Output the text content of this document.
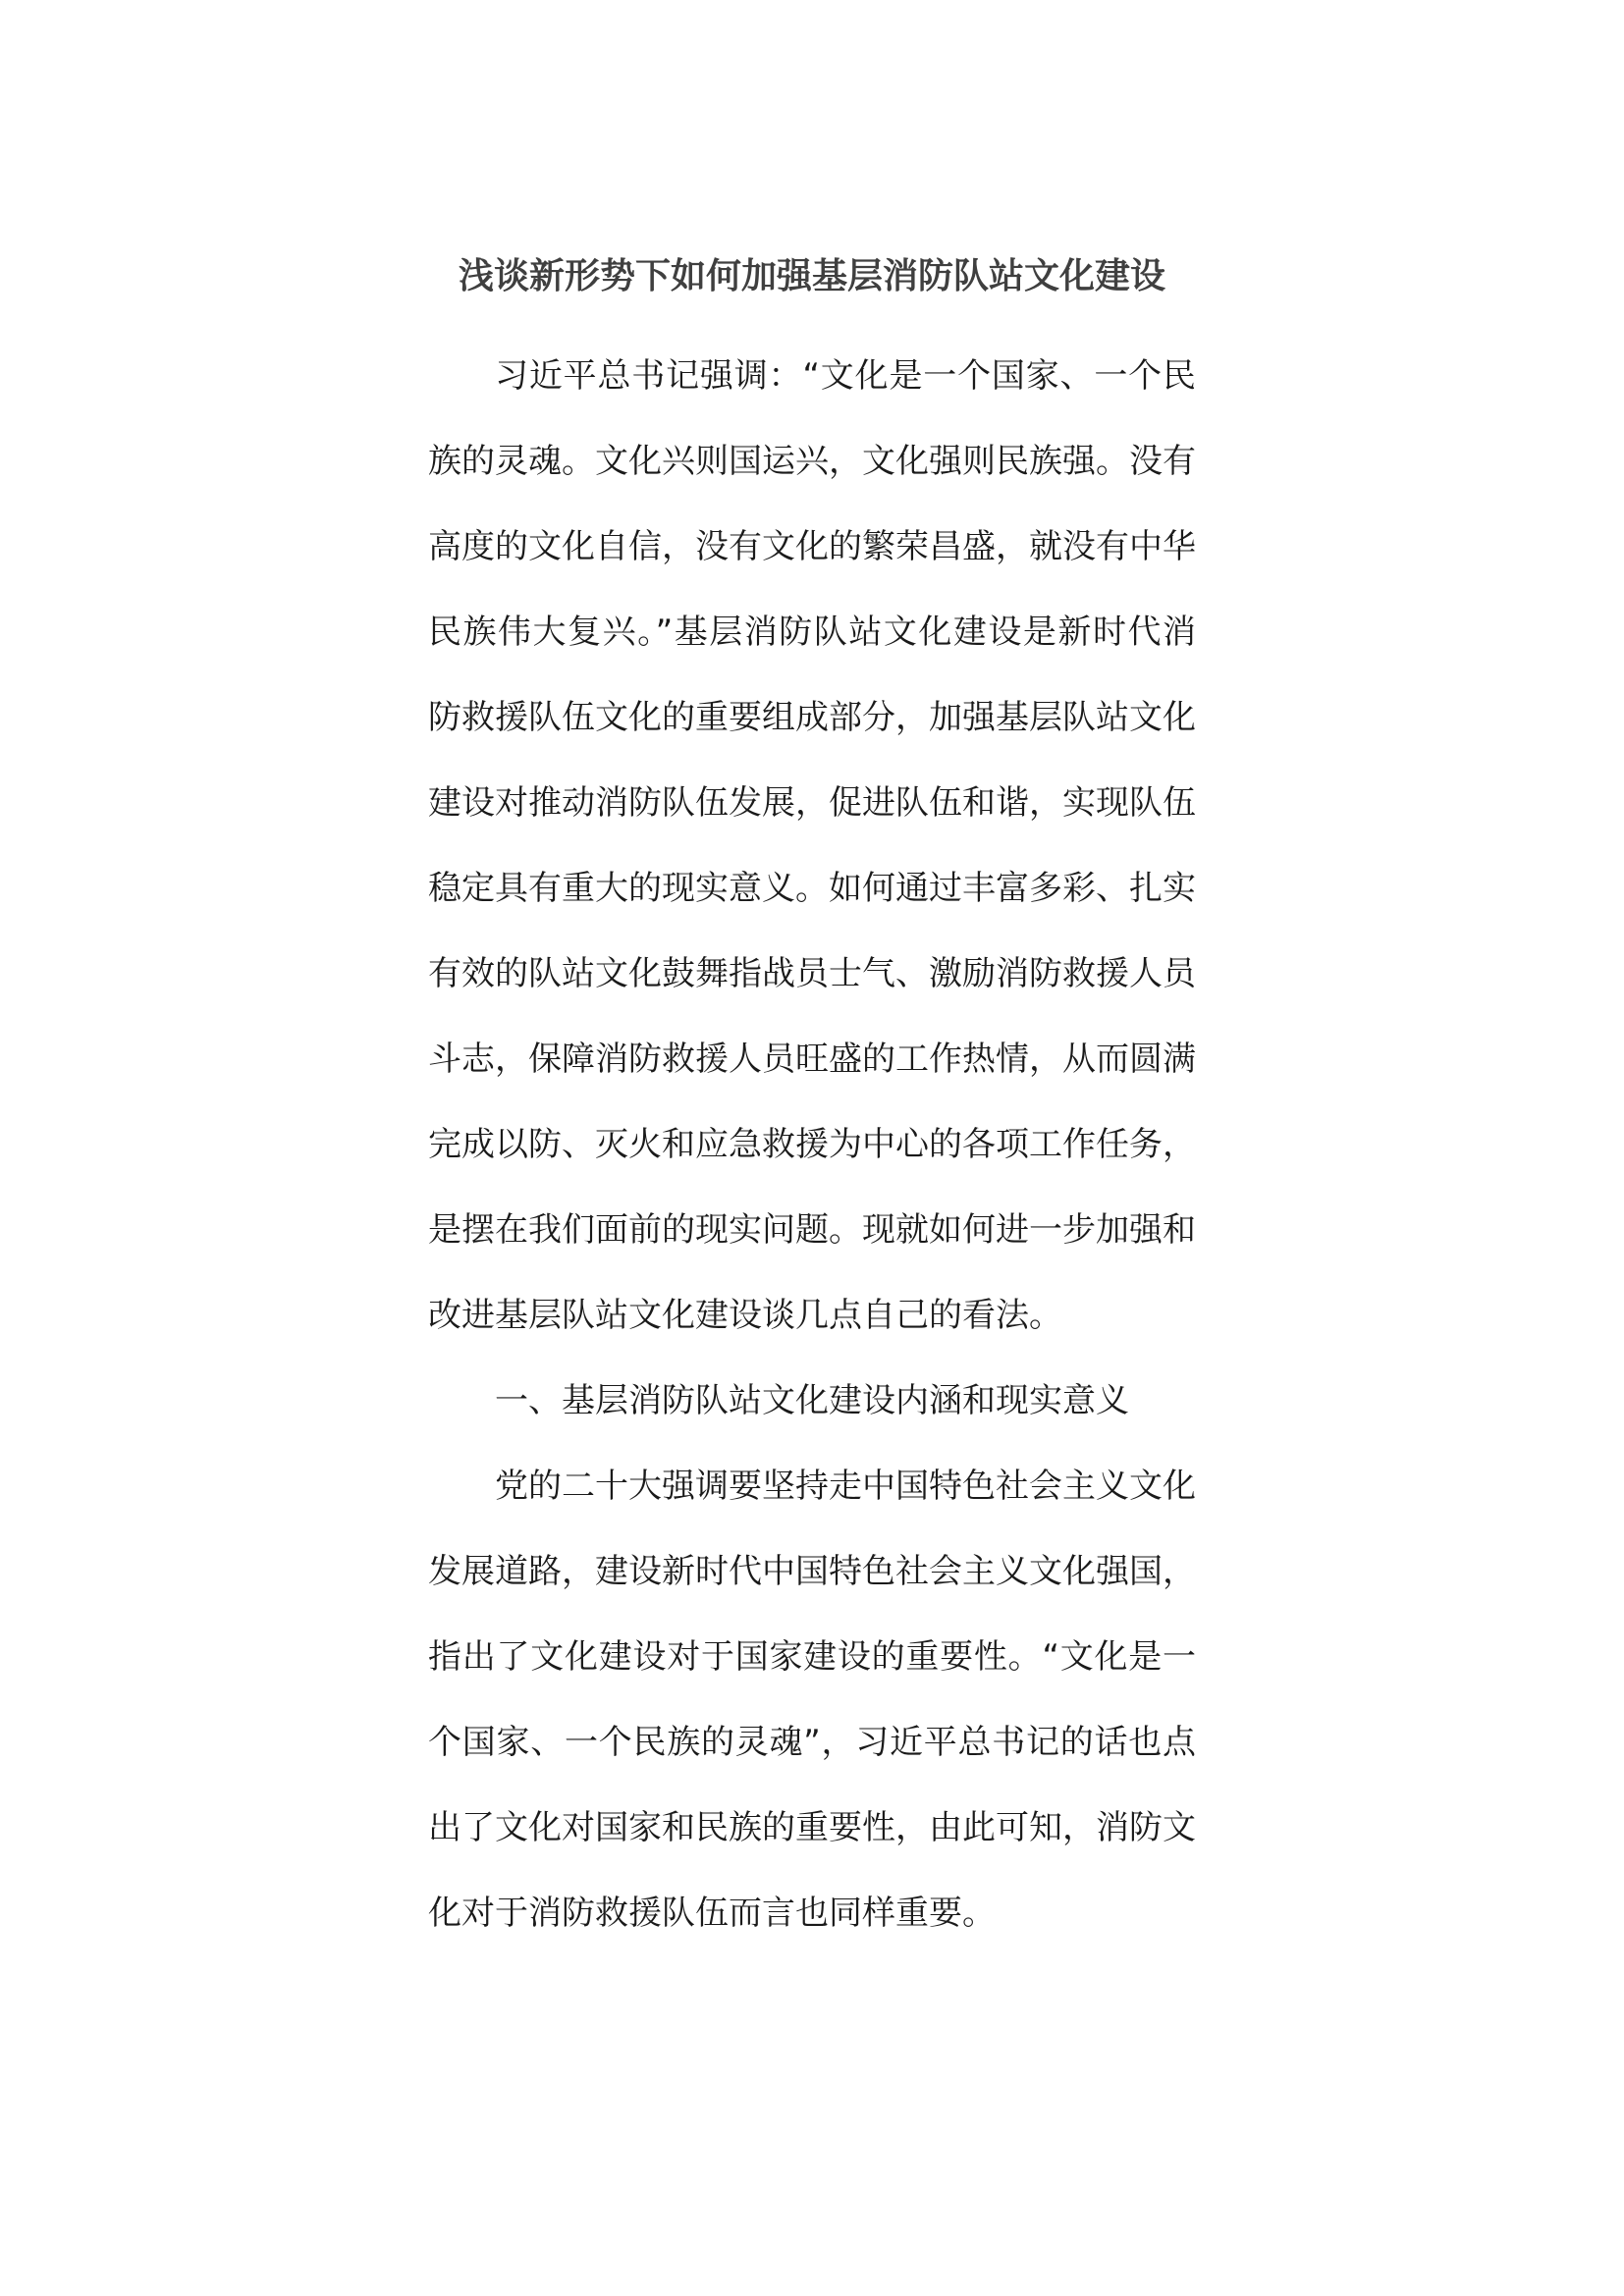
浅谈新形势下如何加强基层消防队站文化建设

习近平总书记强调：“文化是一个国家、一个民族的灵魂。文化兴则国运兴，文化强则民族强。没有高度的文化自信，没有文化的繁荣昌盛，就没有中华民族伟大复兴。”基层消防队站文化建设是新时代消防救援队伍文化的重要组成部分，加强基层队站文化建设对推动消防队伍发展，促进队伍和谐，实现队伍稳定具有重大的现实意义。如何通过丰富多彩、扎实有效的队站文化鼓舞指战员士气、激励消防救援人员斗志，保障消防救援人员旺盛的工作热情，从而圆满完成以防、灭火和应急救援为中心的各项工作任务，是摆在我们面前的现实问题。现就如何进一步加强和改进基层队站文化建设谈几点自己的看法。

一、基层消防队站文化建设内涵和现实意义

党的二十大强调要坚持走中国特色社会主义文化发展道路，建设新时代中国特色社会主义文化强国，指出了文化建设对于国家建设的重要性。“文化是一个国家、一个民族的灵魂”，习近平总书记的话也点出了文化对国家和民族的重要性，由此可知，消防文化对于消防救援队伍而言也同样重要。
